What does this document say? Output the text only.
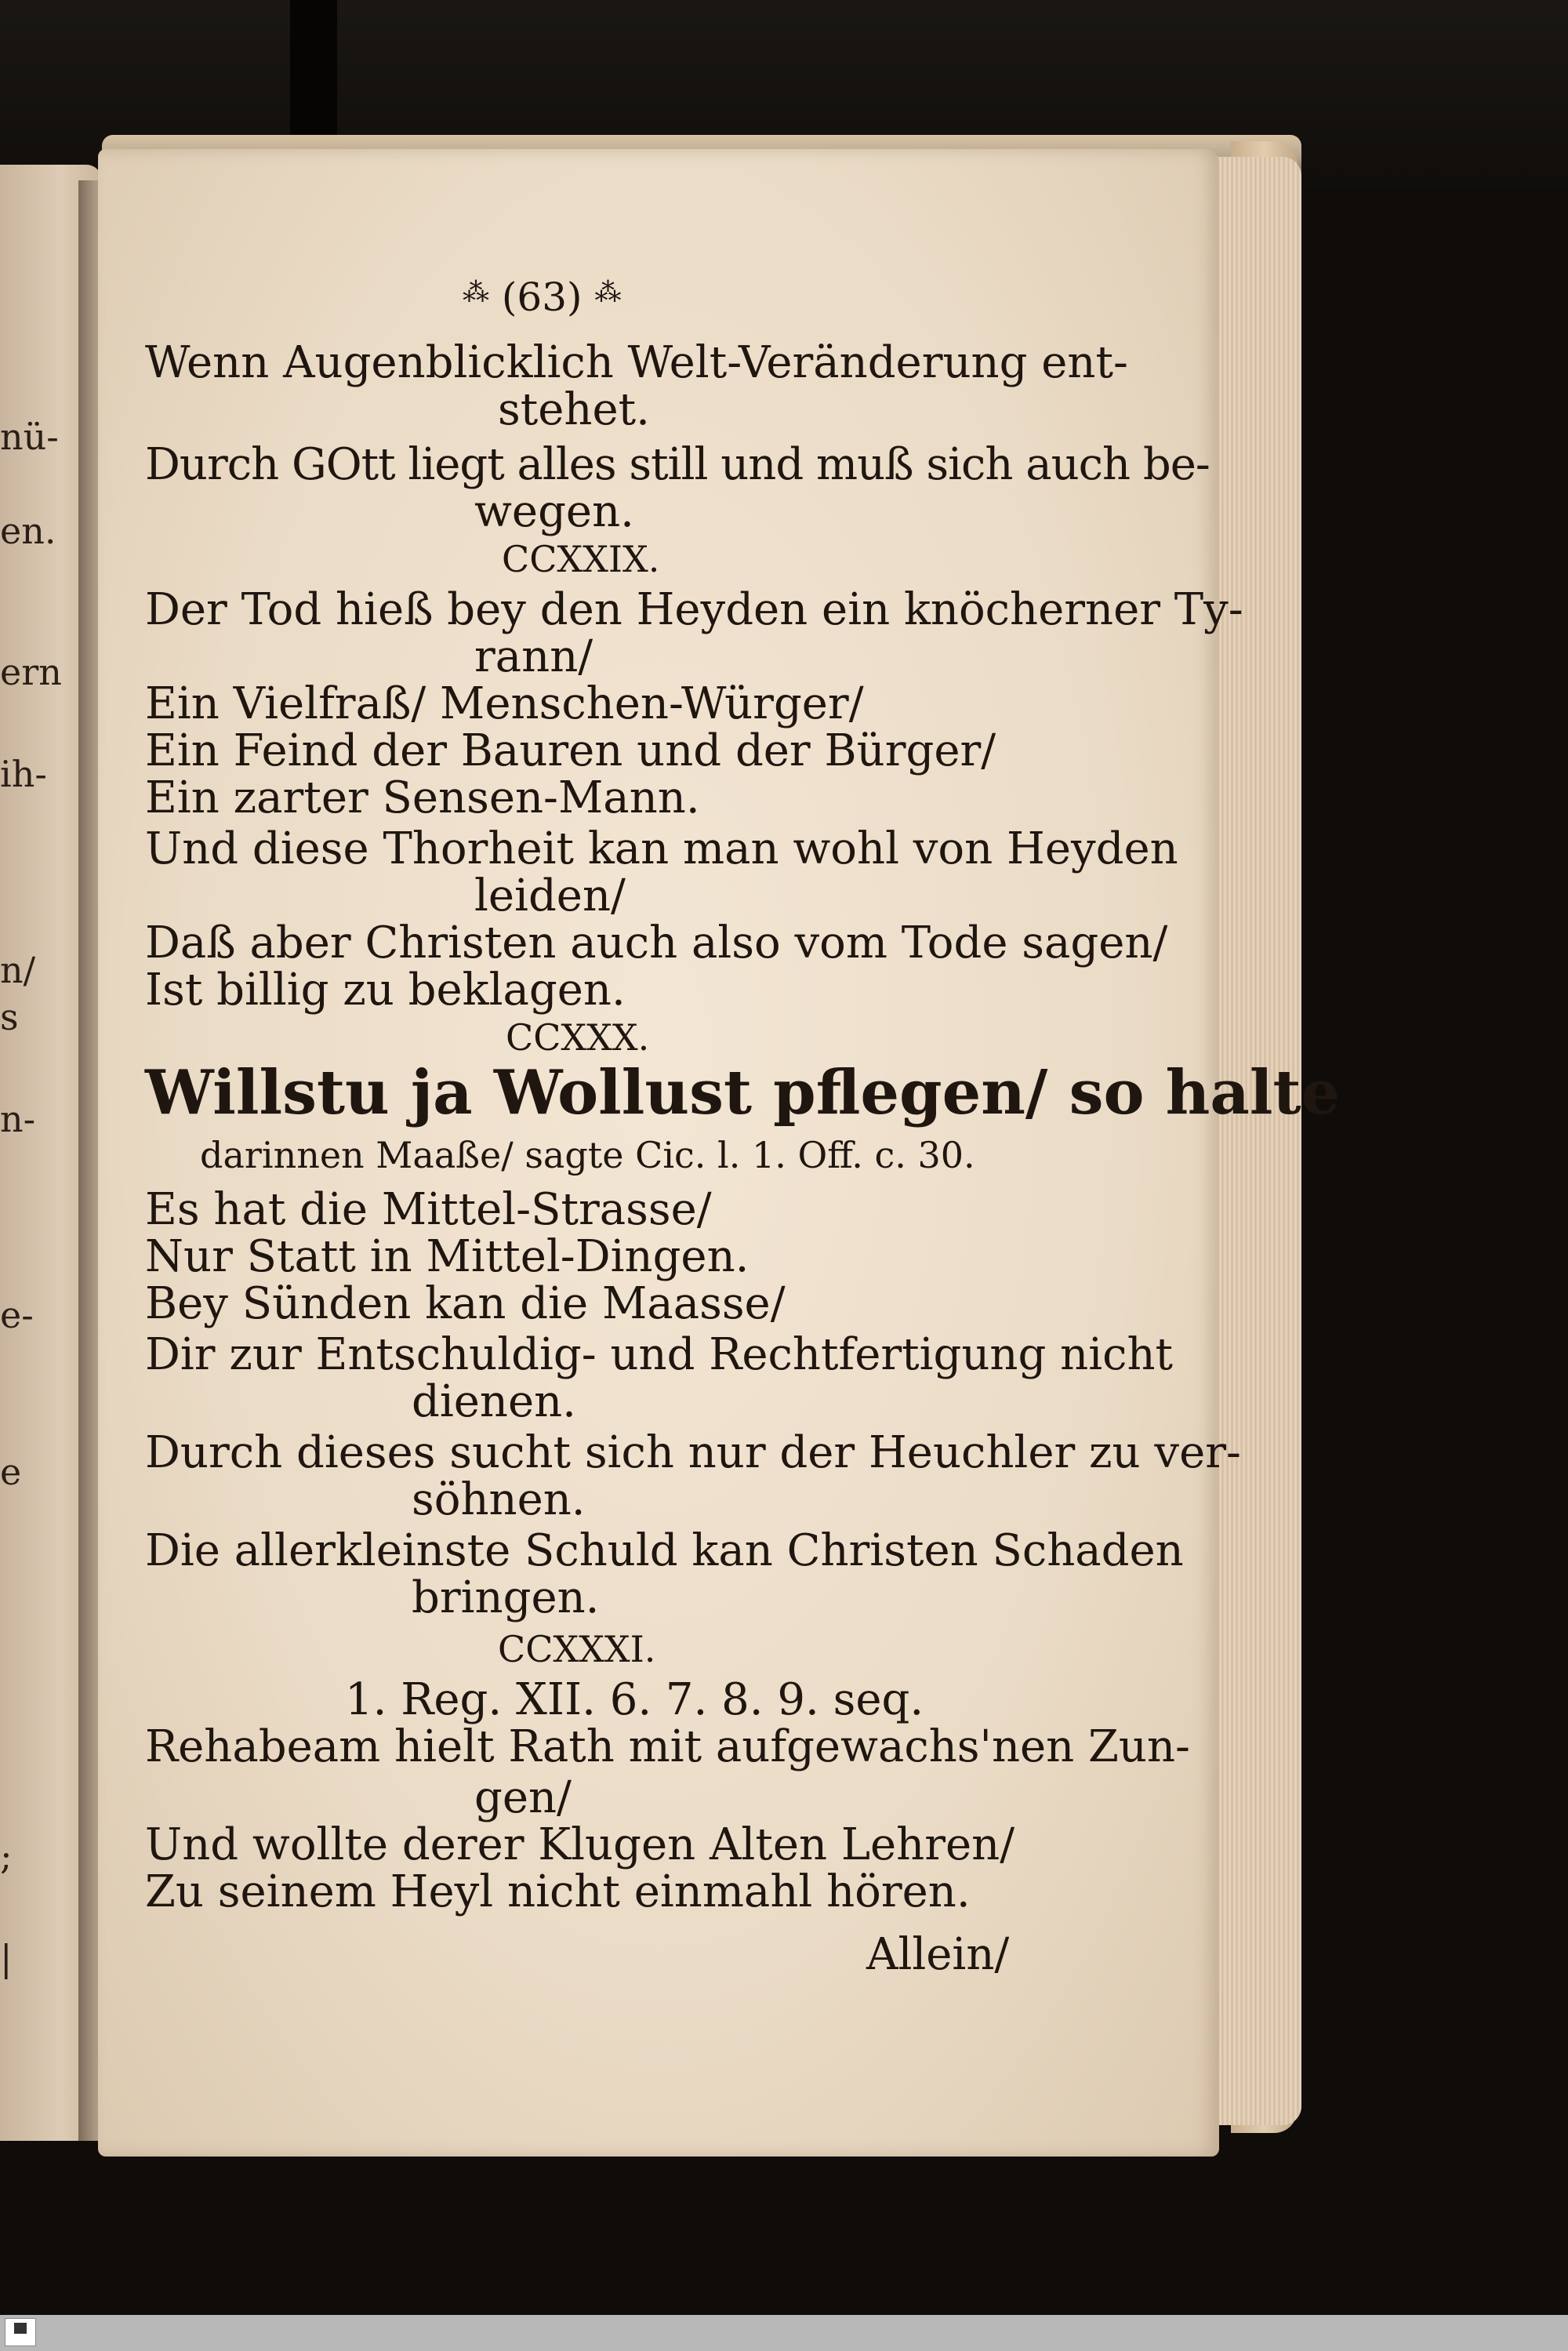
nü-
en.
ern
ih-
n/
s
n-
e-
e
;
|
⁂ (63) ⁂
Wenn Augenblicklich Welt-Veränderung ent-
stehet.
Durch GOtt liegt alles still und muß sich auch be-
wegen.
CCXXIX.
Der Tod hieß bey den Heyden ein knöcherner Ty-
rann/
Ein Vielfraß/ Menschen-Würger/
Ein Feind der Bauren und der Bürger/
Ein zarter Sensen-Mann.
Und diese Thorheit kan man wohl von Heyden
leiden/
Daß aber Christen auch also vom Tode sagen/
Ist billig zu beklagen.
CCXXX.
Willstu ja Wollust pflegen/ so halte
darinnen Maaße/ sagte Cic. l. 1. Off. c. 30.
Es hat die Mittel-Strasse/
Nur Statt in Mittel-Dingen.
Bey Sünden kan die Maasse/
Dir zur Entschuldig- und Rechtfertigung nicht
dienen.
Durch dieses sucht sich nur der Heuchler zu ver-
söhnen.
Die allerkleinste Schuld kan Christen Schaden
bringen.
CCXXXI.
1. Reg. XII. 6. 7. 8. 9. seq.
Rehabeam hielt Rath mit aufgewachs'nen Zun-
gen/
Und wollte derer Klugen Alten Lehren/
Zu seinem Heyl nicht einmahl hören.
Allein/
